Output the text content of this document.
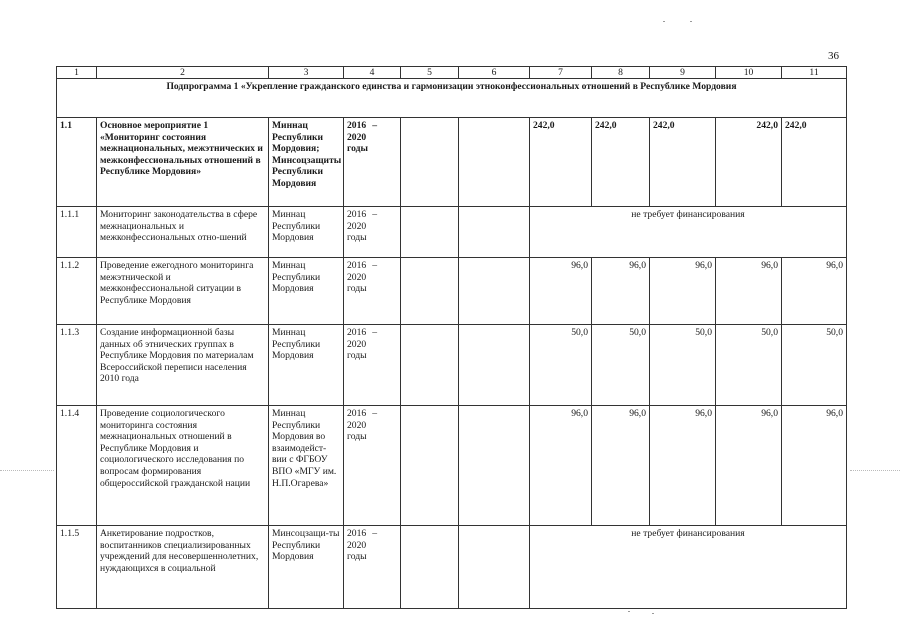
36
1	2	3	4	5	6	7	8	9	10	11
Подпрограмма 1 «Укрепление гражданского единства и гармонизации этноконфессиональных отношений в Республике Мордовия										
1.1	Основное мероприятие 1 «Мониторинг состояния межнациональных, межэтнических и межконфессиональных отношений в Республике Мордовия»	Миннац Республики Мордовия; Минсоцзащиты Республики Мордовия	2016 –
2020
годы			242,0	242,0	242,0	242,0	242,0
1.1.1	Мониторинг законодательства в сфере межнациональных и межконфессиональных отно-шений	Миннац Республики Мордовия	2016 –
2020
годы			не требует финансирования				
1.1.2	Проведение ежегодного мониторинга межэтнической и межконфессиональной ситуации в Республике Мордовия	Миннац Республики Мордовия	2016 –
2020
годы			96,0	96,0	96,0	96,0	96,0
1.1.3	Создание информационной базы данных об этнических группах в Республике Мордовия по материалам Всероссийской переписи населения 2010 года	Миннац Республики Мордовия	2016 –
2020
годы			50,0	50,0	50,0	50,0	50,0
1.1.4	Проведение социологического мониторинга состояния межнациональных отношений в Республике Мордовия и социологического исследования по вопросам формирования общероссийской гражданской нации	Миннац Республики Мордовия во взаимодейст-вии с ФГБОУ ВПО «МГУ им. Н.П.Огарева»	2016 –
2020
годы			96,0	96,0	96,0	96,0	96,0
1.1.5	Анкетирование подростков, воспитанников специализированных учреждений для несовершеннолетних, нуждающихся в социальной	Минсоцзащи-ты Республики Мордовия	2016 –
2020
годы			не требует финансирования				
